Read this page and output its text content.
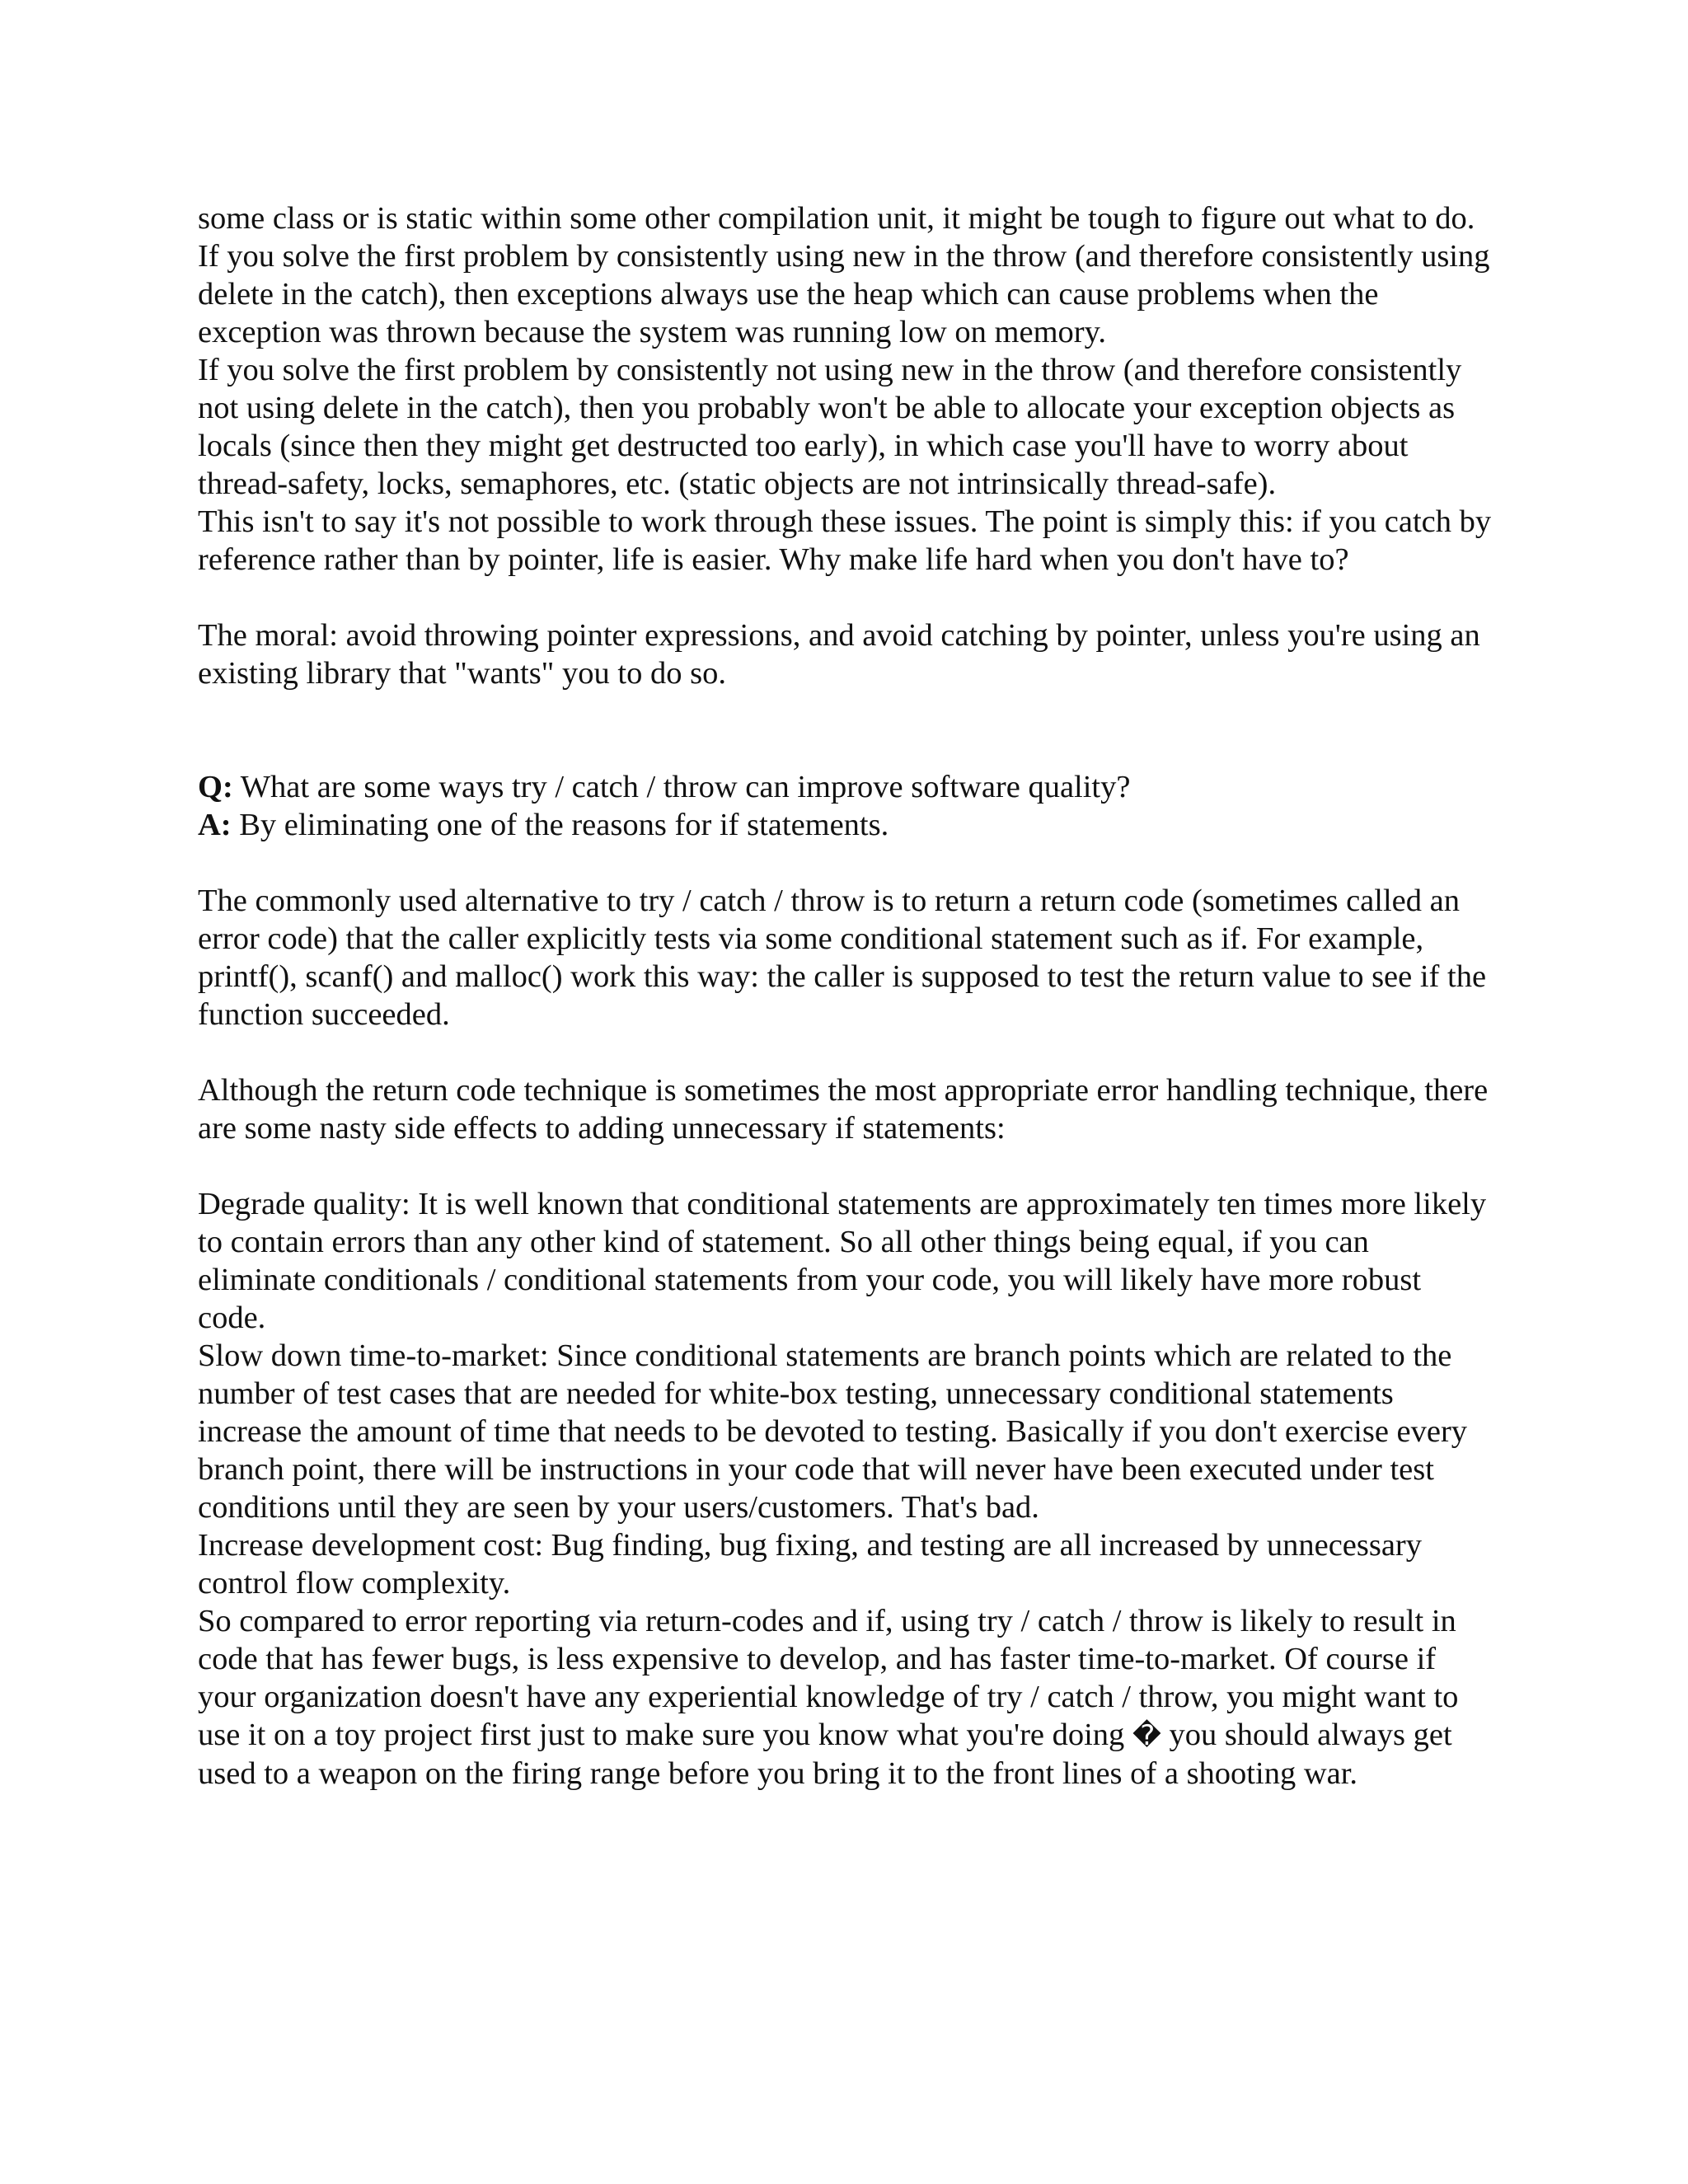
some class or is static within some other compilation unit, it might be tough to figure out what to do.

If you solve the first problem by consistently using new in the throw (and therefore consistently using delete in the catch), then exceptions always use the heap which can cause problems when the exception was thrown because the system was running low on memory.

If you solve the first problem by consistently not using new in the throw (and therefore consistently not using delete in the catch), then you probably won't be able to allocate your exception objects as locals (since then they might get destructed too early), in which case you'll have to worry about thread-safety, locks, semaphores, etc. (static objects are not intrinsically thread-safe).

This isn't to say it's not possible to work through these issues. The point is simply this: if you catch by reference rather than by pointer, life is easier. Why make life hard when you don't have to?

The moral: avoid throwing pointer expressions, and avoid catching by pointer, unless you're using an existing library that "wants" you to do so.

Q: What are some ways try / catch / throw can improve software quality?

A: By eliminating one of the reasons for if statements.

The commonly used alternative to try / catch / throw is to return a return code (sometimes called an error code) that the caller explicitly tests via some conditional statement such as if. For example, printf(), scanf() and malloc() work this way: the caller is supposed to test the return value to see if the function succeeded.

Although the return code technique is sometimes the most appropriate error handling technique, there are some nasty side effects to adding unnecessary if statements:

Degrade quality: It is well known that conditional statements are approximately ten times more likely to contain errors than any other kind of statement. So all other things being equal, if you can eliminate conditionals / conditional statements from your code, you will likely have more robust code.

Slow down time-to-market: Since conditional statements are branch points which are related to the number of test cases that are needed for white-box testing, unnecessary conditional statements increase the amount of time that needs to be devoted to testing. Basically if you don't exercise every branch point, there will be instructions in your code that will never have been executed under test conditions until they are seen by your users/customers. That's bad.

Increase development cost: Bug finding, bug fixing, and testing are all increased by unnecessary control flow complexity.

So compared to error reporting via return-codes and if, using try / catch / throw is likely to result in code that has fewer bugs, is less expensive to develop, and has faster time-to-market. Of course if your organization doesn't have any experiential knowledge of try / catch / throw, you might want to use it on a toy project first just to make sure you know what you're doing � you should always get used to a weapon on the firing range before you bring it to the front lines of a shooting war.
